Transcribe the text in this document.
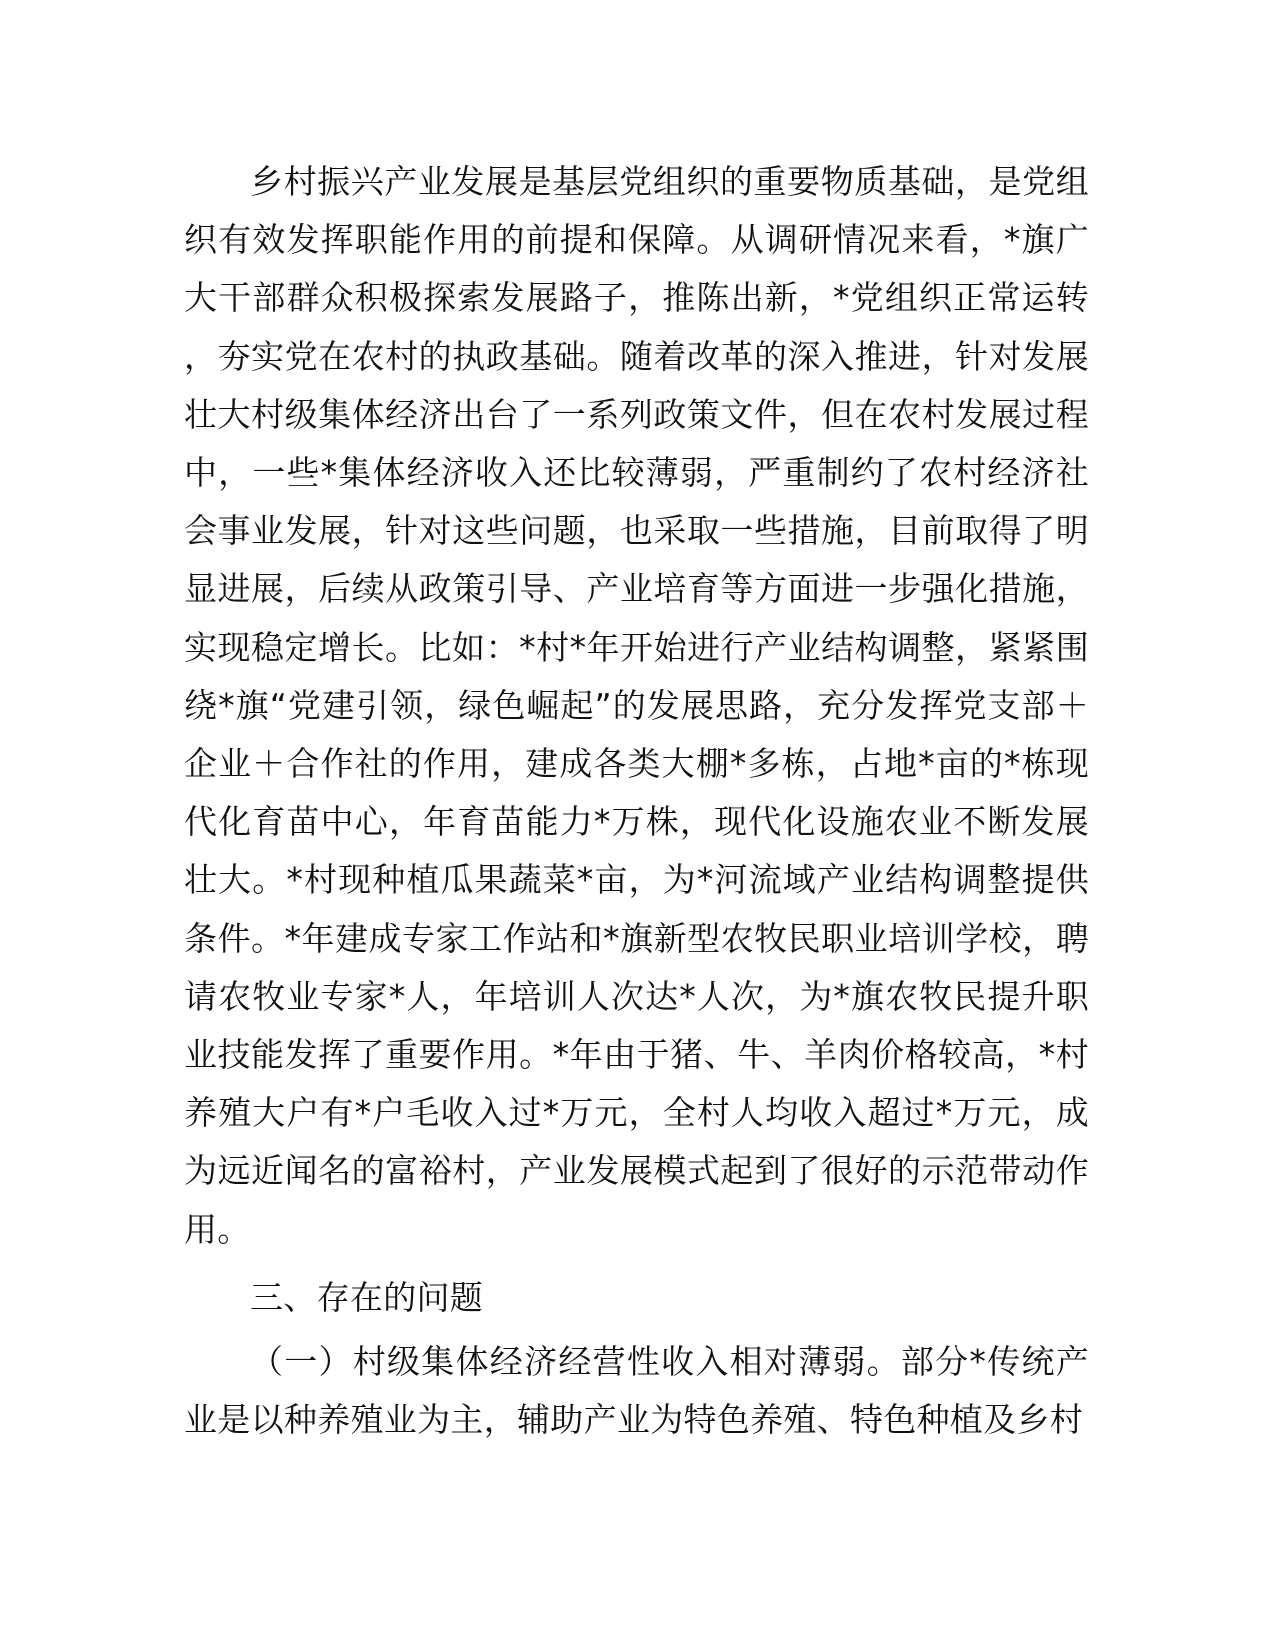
乡村振兴产业发展是基层党组织的重要物质基础，是党组织有效发挥职能作用的前提和保障。从调研情况来看，*旗广大干部群众积极探索发展路子，推陈出新，*党组织正常运转，夯实党在农村的执政基础。随着改革的深入推进，针对发展壮大村级集体经济出台了一系列政策文件，但在农村发展过程中，一些*集体经济收入还比较薄弱，严重制约了农村经济社会事业发展，针对这些问题，也采取一些措施，目前取得了明显进展，后续从政策引导、产业培育等方面进一步强化措施，实现稳定增长。比如：*村*年开始进行产业结构调整，紧紧围绕*旗“党建引领，绿色崛起”的发展思路，充分发挥党支部＋企业＋合作社的作用，建成各类大棚*多栋，占地*亩的*栋现代化育苗中心，年育苗能力*万株，现代化设施农业不断发展壮大。*村现种植瓜果蔬菜*亩，为*河流域产业结构调整提供条件。*年建成专家工作站和*旗新型农牧民职业培训学校，聘请农牧业专家*人，年培训人次达*人次，为*旗农牧民提升职业技能发挥了重要作用。*年由于猪、牛、羊肉价格较高，*村养殖大户有*户毛收入过*万元，全村人均收入超过*万元，成为远近闻名的富裕村，产业发展模式起到了很好的示范带动作用。

三、存在的问题

（一）村级集体经济经营性收入相对薄弱。部分*传统产业是以种养殖业为主，辅助产业为特色养殖、特色种植及乡村
